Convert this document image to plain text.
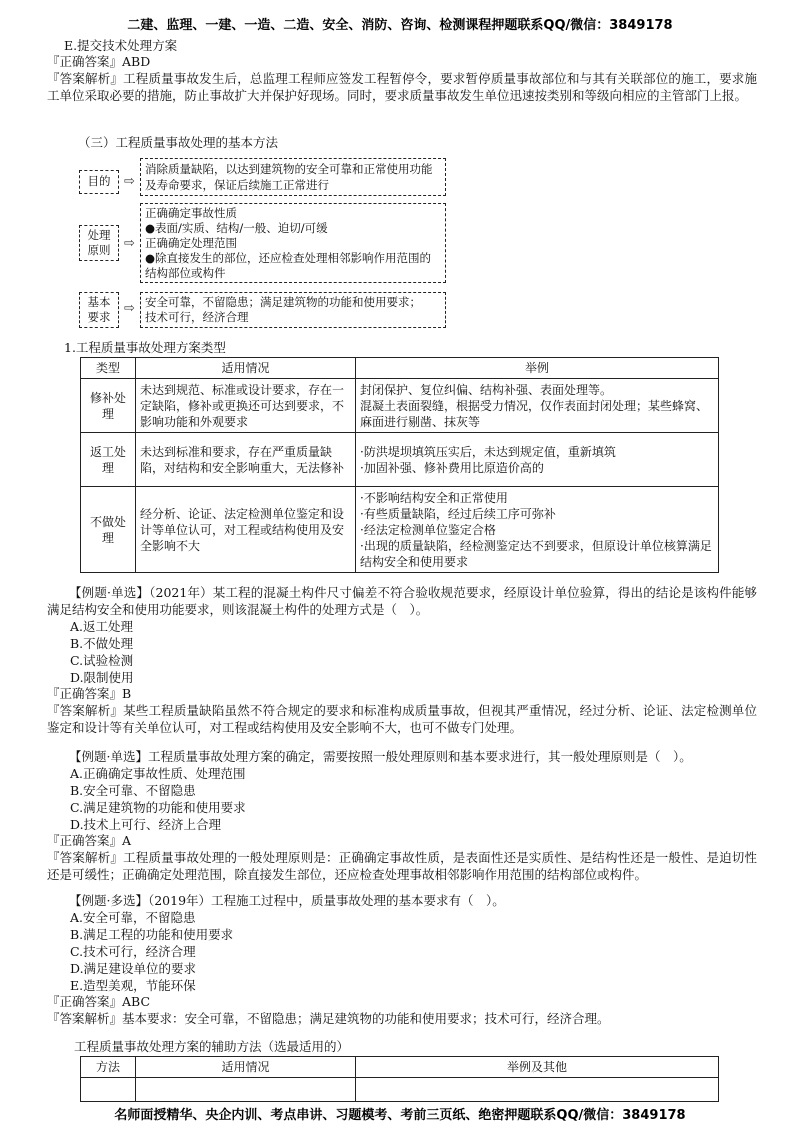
二建、监理、一建、一造、二造、安全、消防、咨询、检测课程押题联系QQ/微信：3849178
名师面授精华、央企内训、考点串讲、习题模考、考前三页纸、绝密押题联系QQ/微信：3849178
E.提交技术处理方案
『正确答案』ABD
『答案解析』工程质量事故发生后，总监理工程师应签发工程暂停令，要求暂停质量事故部位和与其有关联部位的施工，要求施工单位采取必要的措施，防止事故扩大并保护好现场。同时，要求质量事故发生单位迅速按类别和等级向相应的主管部门上报。
（三）工程质量事故处理的基本方法
目的	⇨
消除质量缺陷，以达到建筑物的安全可靠和正常使用功能及寿命要求，保证后续施工正常进行
处理
原则	⇨
正确确定事故性质
●表面/实质、结构/一般、迫切/可缓
正确确定处理范围
●除直接发生的部位，还应检查处理相邻影响作用范围的结构部位或构件
基本
要求
⇨ 安全可靠，不留隐患；满足建筑物的功能和使用要求；
技术可行，经济合理
1.工程质量事故处理方案类型
类型	适用情况	举例
修补处理	未达到规范、标准或设计要求，存在一定缺陷，修补或更换还可达到要求，不影响功能和外观要求	封闭保护、复位纠偏、结构补强、表面处理等。
混凝土表面裂缝，根据受力情况，仅作表面封闭处理；某些蜂窝、麻面进行剔凿、抹灰等

返工处理	未达到标准和要求，存在严重质量缺陷，对结构和安全影响重大，无法修补	·防洪堤坝填筑压实后，未达到规定值，重新填筑
·加固补强、修补费用比原造价高的

不做处理	经分析、论证、法定检测单位鉴定和设计等单位认可，对工程或结构使用及安全影响不大	·不影响结构安全和正常使用
·有些质量缺陷，经过后续工序可弥补
·经法定检测单位鉴定合格
·出现的质量缺陷，经检测鉴定达不到要求，但原设计单位核算满足结构安全和使用要求
【例题·单选】（2021年）某工程的混凝土构件尺寸偏差不符合验收规范要求，经原设计单位验算，得出的结论是该构件能够满足结构安全和使用功能要求，则该混凝土构件的处理方式是（　）。
A.返工处理
B.不做处理
C.试验检测
D.限制使用
『正确答案』B
『答案解析』某些工程质量缺陷虽然不符合规定的要求和标准构成质量事故，但视其严重情况，经过分析、论证、法定检测单位鉴定和设计等有关单位认可，对工程或结构使用及安全影响不大，也可不做专门处理。
【例题·单选】工程质量事故处理方案的确定，需要按照一般处理原则和基本要求进行，其一般处理原则是（　）。
A.正确确定事故性质、处理范围
B.安全可靠、不留隐患
C.满足建筑物的功能和使用要求
D.技术上可行、经济上合理
『正确答案』A
『答案解析』工程质量事故处理的一般处理原则是：正确确定事故性质，是表面性还是实质性、是结构性还是一般性、是迫切性还是可缓性；正确确定处理范围，除直接发生部位，还应检查处理事故相邻影响作用范围的结构部位或构件。
【例题·多选】（2019年）工程施工过程中，质量事故处理的基本要求有（　）。
A.安全可靠，不留隐患
B.满足工程的功能和使用要求
C.技术可行，经济合理
D.满足建设单位的要求
E.造型美观，节能环保
『正确答案』ABC
『答案解析』基本要求：安全可靠，不留隐患；满足建筑物的功能和使用要求；技术可行，经济合理。
工程质量事故处理方案的辅助方法（选最适用的）
方法	适用情况	举例及其他
